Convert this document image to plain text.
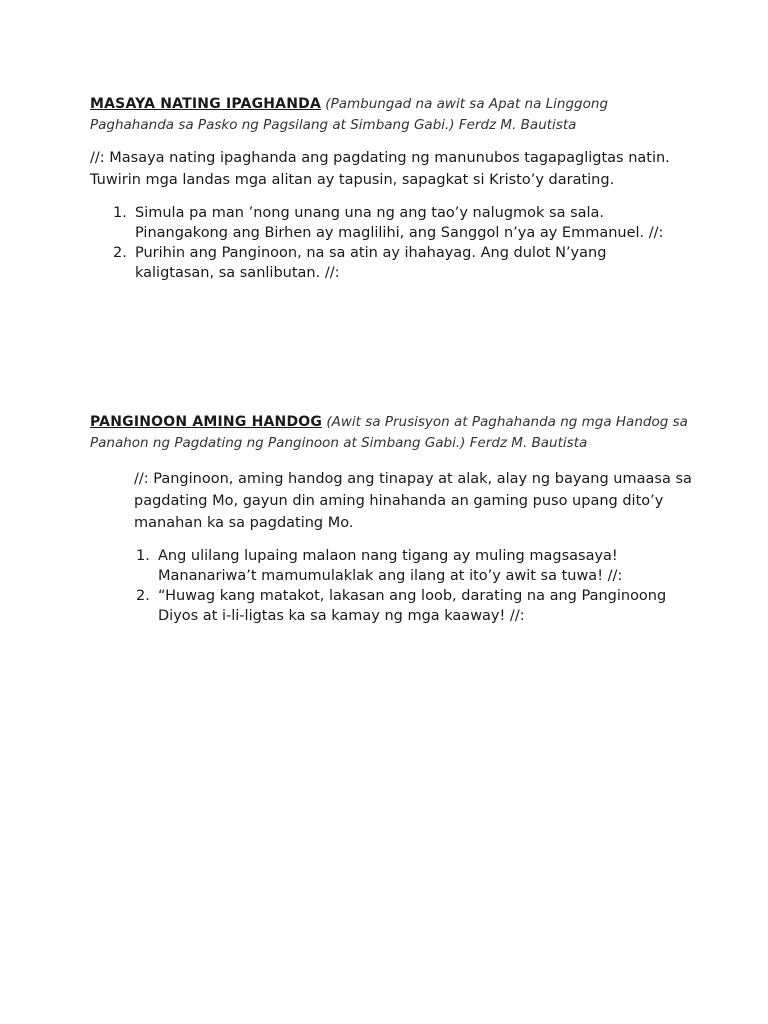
MASAYA NATING IPAGHANDA (Pambungad na awit sa Apat na Linggong Paghahanda sa Pasko ng Pagsilang at Simbang Gabi.) Ferdz M. Bautista

//: Masaya nating ipaghanda ang pagdating ng manunubos tagapagligtas natin. Tuwirin mga landas mga alitan ay tapusin, sapagkat si Kristo’y darating.

1. Simula pa man ’nong unang una ng ang tao’y nalugmok sa sala. Pinangakong ang Birhen ay maglilihi, ang Sanggol n’ya ay Emmanuel. //:
2. Purihin ang Panginoon, na sa atin ay ihahayag. Ang dulot N’yang kaligtasan, sa sanlibutan. //:

PANGINOON AMING HANDOG (Awit sa Prusisyon at Paghahanda ng mga Handog sa Panahon ng Pagdating ng Panginoon at Simbang Gabi.) Ferdz M. Bautista

//: Panginoon, aming handog ang tinapay at alak, alay ng bayang umaasa sa pagdating Mo, gayun din aming hinahanda an gaming puso upang dito’y manahan ka sa pagdating Mo.

1. Ang ulilang lupaing malaon nang tigang ay muling magsasaya! Mananariwa’t mamumulaklak ang ilang at ito’y awit sa tuwa! //:
2. “Huwag kang matakot, lakasan ang loob, darating na ang Panginoong Diyos at i-li-ligtas ka sa kamay ng mga kaaway! //:
